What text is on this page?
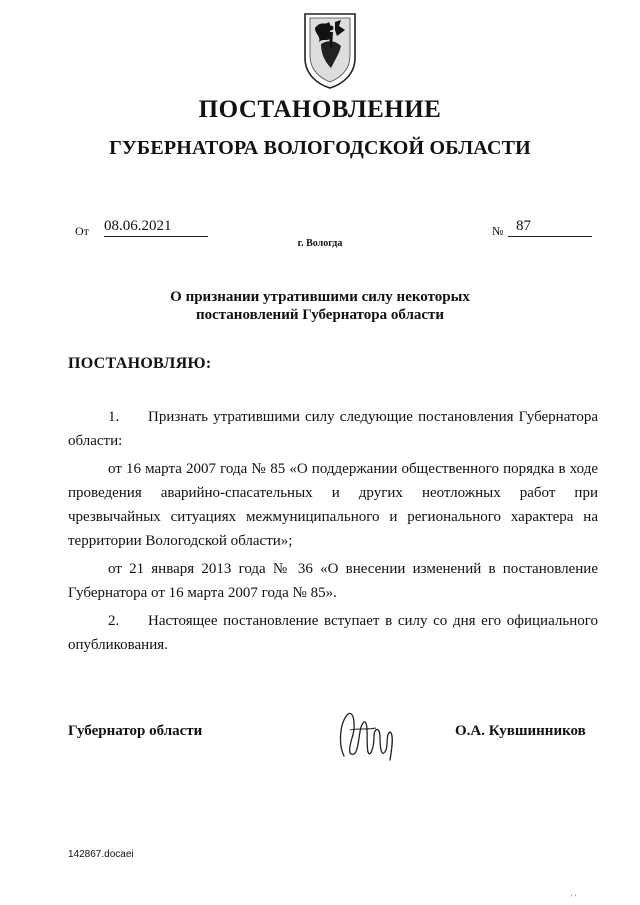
ПОСТАНОВЛЕНИЕ
ГУБЕРНАТОРА ВОЛОГОДСКОЙ ОБЛАСТИ
От 08.06.2021	№ 87
г. Вологда
О признании утратившими силу некоторых
постановлений Губернатора области
ПОСТАНОВЛЯЮ:

1. Признать утратившими силу следующие постановления Губернатора области:

от 16 марта 2007 года № 85 «О поддержании общественного порядка в ходе проведения аварийно-спасательных и других неотложных работ при чрезвычайных ситуациях межмуниципального и регионального характера на территории Вологодской области»;

от 21 января 2013 года № 36 «О внесении изменений в постановление Губернатора от 16 марта 2007 года № 85».

2. Настоящее постановление вступает в силу со дня его официального опубликования.

Губернатор области	О.А. Кувшинников
142867.docaei
' '
